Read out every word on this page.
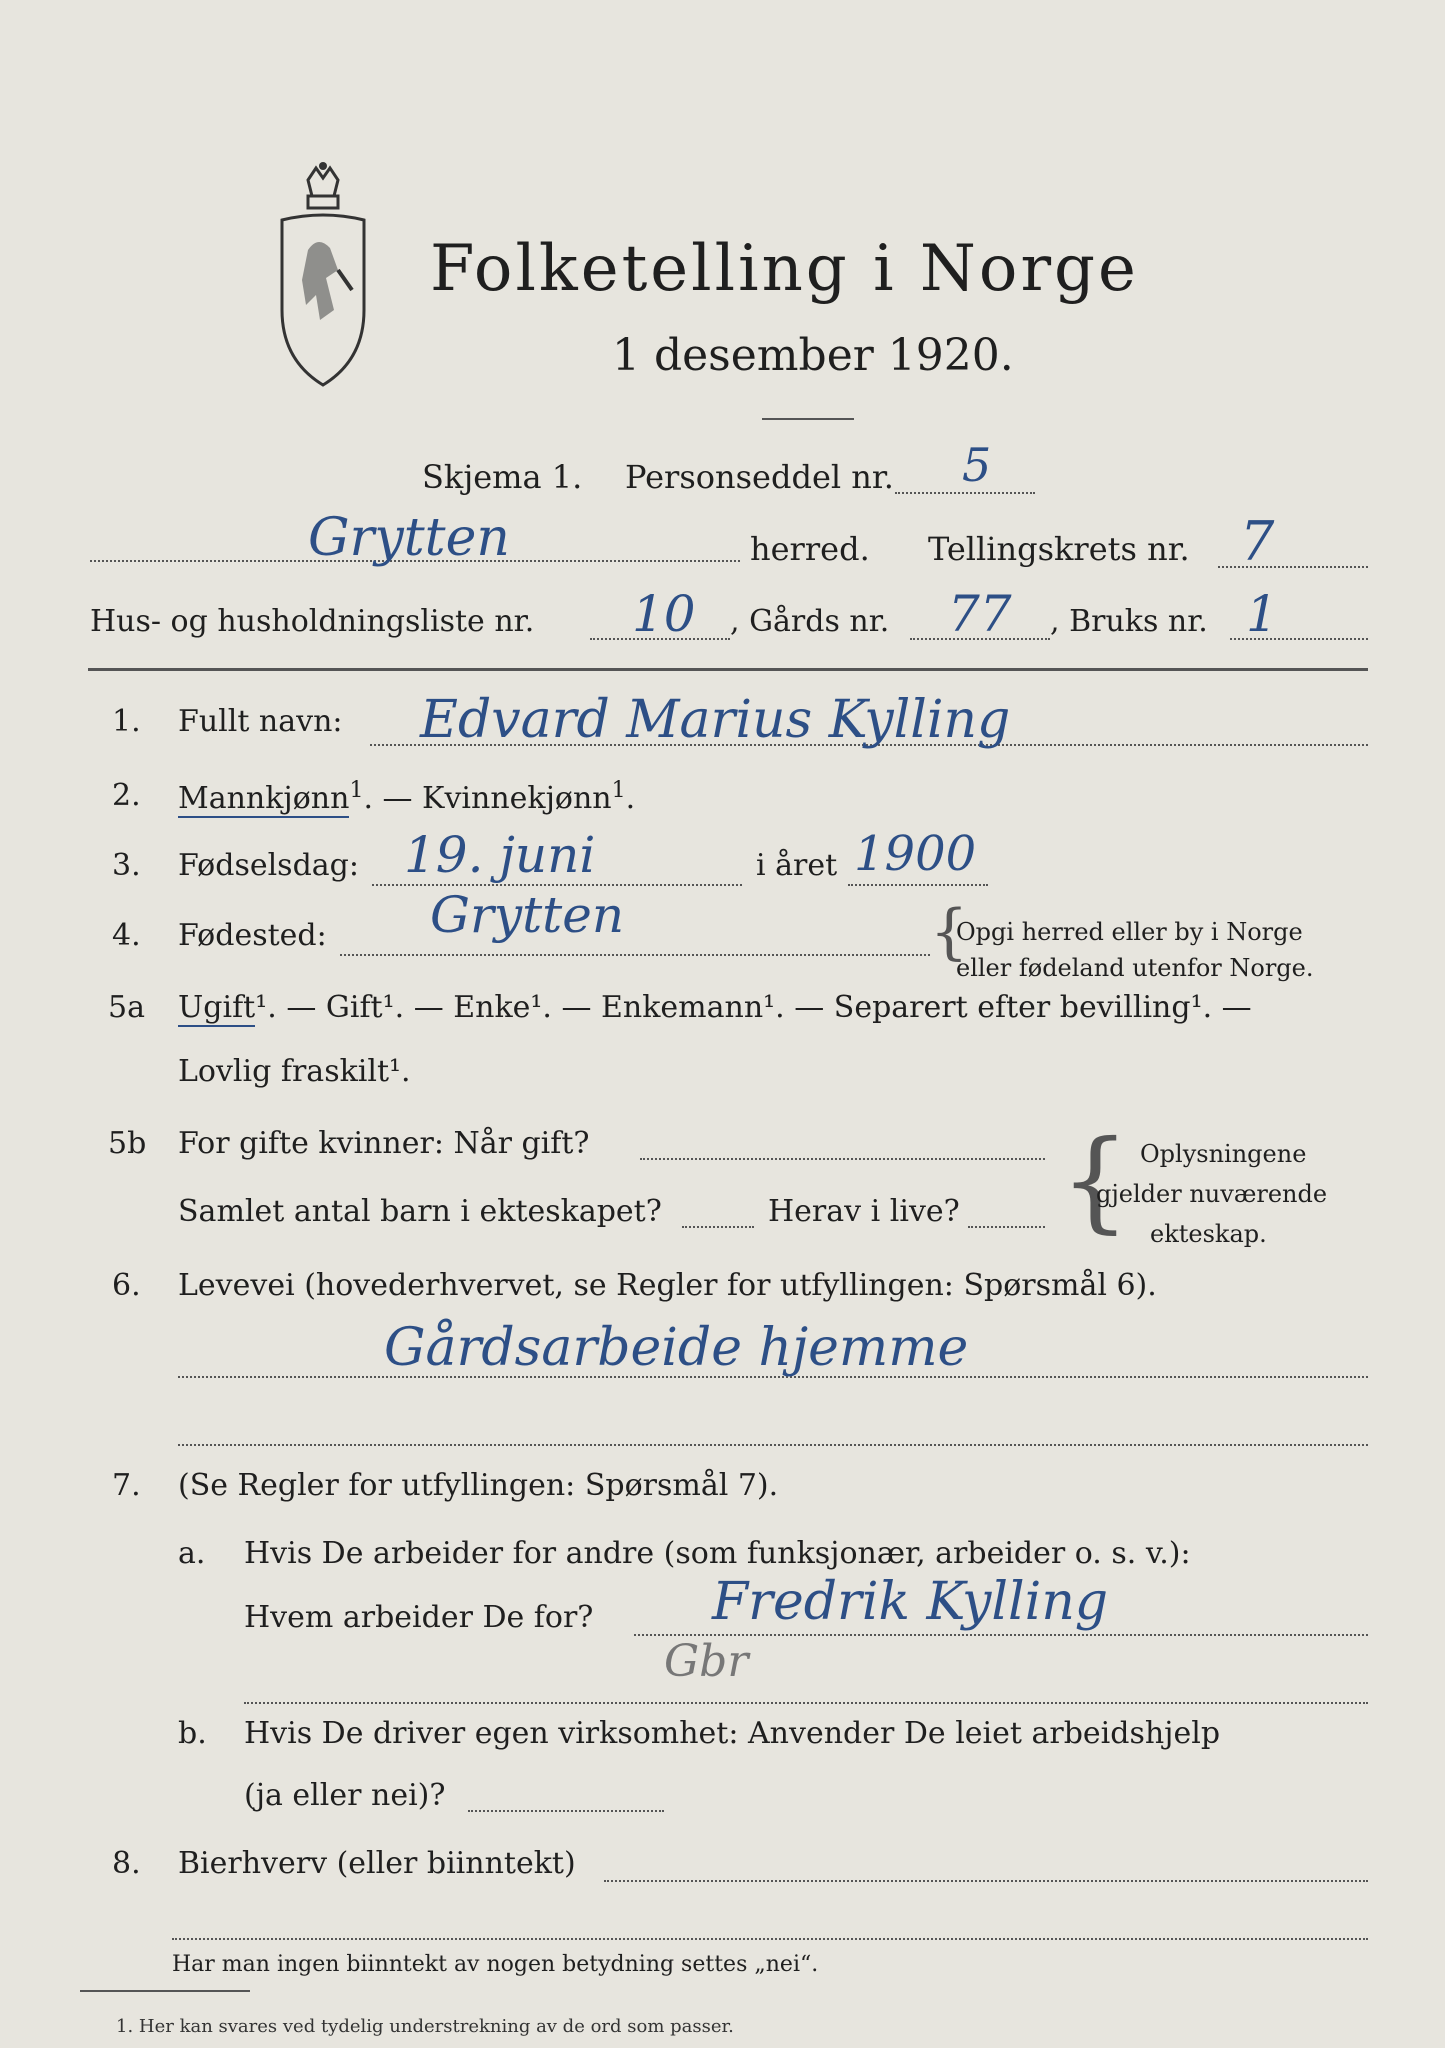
Folketelling i Norge
1 desember 1920.
Skjema 1. Personseddel nr. 5
Grytten	herred. Tellingskrets nr. 7
Hus- og husholdningsliste nr. 10 , Gårds nr. 77 , Bruks nr. 1
1. Fullt navn: Edvard Marius Kylling
2. Mannkjønn$^1$. — Kvinnekjønn$^1$.
3. Fødselsdag: 19. juni	i året 1900
4. Fødested: Grytten	{
Opgi herred eller by i Norge
eller fødeland utenfor Norge.
5a Ugift¹. — Gift¹. — Enke¹. — Enkemann¹. — Separert efter bevilling¹. —
Lovlig fraskilt¹.
5b For gifte kvinner: Når gift?
Samlet antal barn i ekteskapet?	Herav i live? { Oplysningene
gjelder nuværende
ekteskap.
6. Levevei (hovederhvervet, se Regler for utfyllingen: Spørsmål 6).
Gårdsarbeide hjemme
7. (Se Regler for utfyllingen: Spørsmål 7).
a. Hvis De arbeider for andre (som funksjonær, arbeider o. s. v.):
Hvem arbeider De for? Fredrik Kylling
Gbr
b. Hvis De driver egen virksomhet: Anvender De leiet arbeidshjelp
(ja eller nei)?
8. Bierhverv (eller biinntekt)
Har man ingen biinntekt av nogen betydning settes „nei“.
1. Her kan svares ved tydelig understrekning av de ord som passer.
